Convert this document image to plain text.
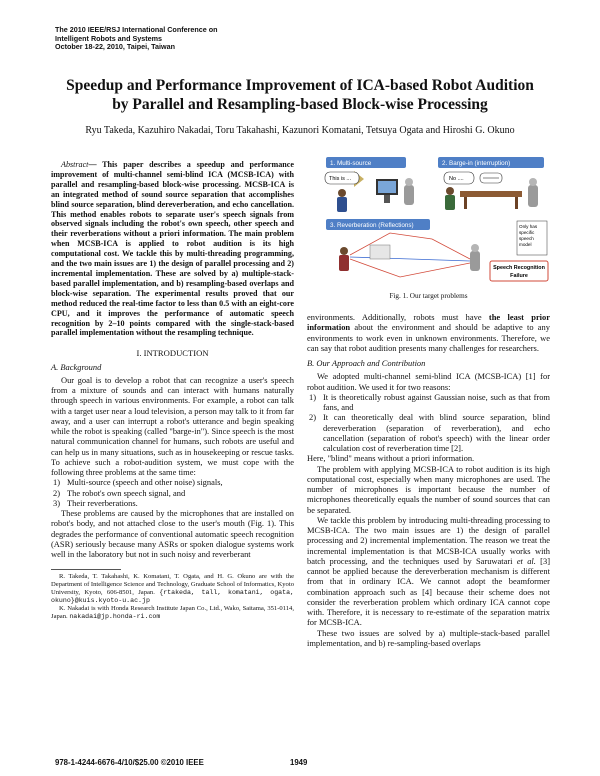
The 2010 IEEE/RSJ International Conference on
Intelligent Robots and Systems
October 18-22, 2010, Taipei, Taiwan
Speedup and Performance Improvement of ICA-based Robot Audition
by Parallel and Resampling-based Block-wise Processing
Ryu Takeda, Kazuhiro Nakadai, Toru Takahashi, Kazunori Komatani, Tetsuya Ogata and Hiroshi G. Okuno

Abstract— This paper describes a speedup and performance improvement of multi-channel semi-blind ICA (MCSB-ICA) with parallel and resampling-based block-wise processing. MCSB-ICA is an integrated method of sound source separation that accomplishes blind source separation, blind dereverberation, and echo cancellation. This method enables robots to separate user's speech signals from observed signals including the robot's own speech, other speech and their reverberations without a priori information. The main problem when MCSB-ICA is applied to robot audition is its high computational cost. We tackle this by multi-threading programming, and the two main issues are 1) the design of parallel processing and 2) incremental implementation. These are solved by a) multiple-stack-based parallel implementation, and b) resampling-based overlaps and block-wise separation. The experimental results proved that our method reduced the real-time factor to less than 0.5 with an eight-core CPU, and it improves the performance of automatic speech recognition by 2–10 points compared with the single-stack-based parallel implementation without the resampling technique.

I. INTRODUCTION
A. Background

Our goal is to develop a robot that can recognize a user's speech from a mixture of sounds and can interact with humans naturally through speech in various environments. For example, a robot can talk with a target user near a loud television, a person may talk to it from far away, and a user can interrupt a robot's utterance and begin speaking while the robot is speaking (called "barge-in"). Since speech is the most natural communication channel for humans, such robots are useful and can help us in many situations, such as in housekeeping or rescue tasks. To achieve such a robot-audition system, we must cope with the following three problems at the same time:

1) Multi-source (speech and other noise) signals,
2) The robot's own speech signal, and
3) Their reverberations.

These problems are caused by the microphones that are installed on robot's body, and not attached close to the user's mouth (Fig. 1). This degrades the performance of conventional automatic speech recognition (ASR) seriously because many ASRs or spoken dialogue systems work well in the laboratory but not in such noisy and reverberant

R. Takeda, T. Takahashi, K. Komatani, T. Ogata, and H. G. Okuno are with the Department of Intelligence Science and Technology, Graduate School of Informatics, Kyoto University, Kyoto, 606-8501, Japan. {rtakeda, tall, komatani, ogata, okuno}@kuis.kyoto-u.ac.jp

K. Nakadai is with Honda Research Institute Japan Co., Ltd., Wako, Saitama, 351-0114, Japan. nakadai@jp.honda-ri.com

1. Multi-source	2. Barge-in (interruption)
This is ...	No ....
3. Reverberation (Reflections)	Only has specific speech model
Speech Recognition
Failure
Fig. 1. Our target problems

environments. Additionally, robots must have the least prior information about the environment and should be adaptive to any environments to work even in unknown environments. Therefore, we can say that robot audition presents many challenges for researchers.

B. Our Approach and Contribution

We adopted multi-channel semi-blind ICA (MCSB-ICA) [1] for robot audition. We used it for two reasons:

1) It is theoretically robust against Gaussian noise, such as that from fans, and
2) It can theoretically deal with blind source separation, blind dereverberation (separation of reverberation), and echo cancellation (separation of robot's speech) with the linear order calculation cost of reverberation time [2].

Here, "blind" means without a priori information.

The problem with applying MCSB-ICA to robot audition is its high computational cost, especially when many microphones are used. The number of microphones is important because the number of microphones theoretically equals the number of sound sources that can be separated.

We tackle this problem by introducing multi-threading processing to MCSB-ICA. The two main issues are 1) the design of parallel processing and 2) incremental implementation. The reason we treat the incremental implementation is that MCSB-ICA usually works with batch processing, and the techniques used by Saruwatari et al. [3] cannot be applied because the dereverberation mechanism is different from that in ordinary ICA. We cannot adopt the beamformer combination approach such as [4] because their scheme does not consider the reverberation problem which ordinary ICA cannot cope with. Therefore, it is necessary to re-estimate of the separation matrix for MCSB-ICA.

These two issues are solved by a) multiple-stack-based parallel implementation, and b) re-sampling-based overlaps

978-1-4244-6676-4/10/$25.00 ©2010 IEEE	1949
